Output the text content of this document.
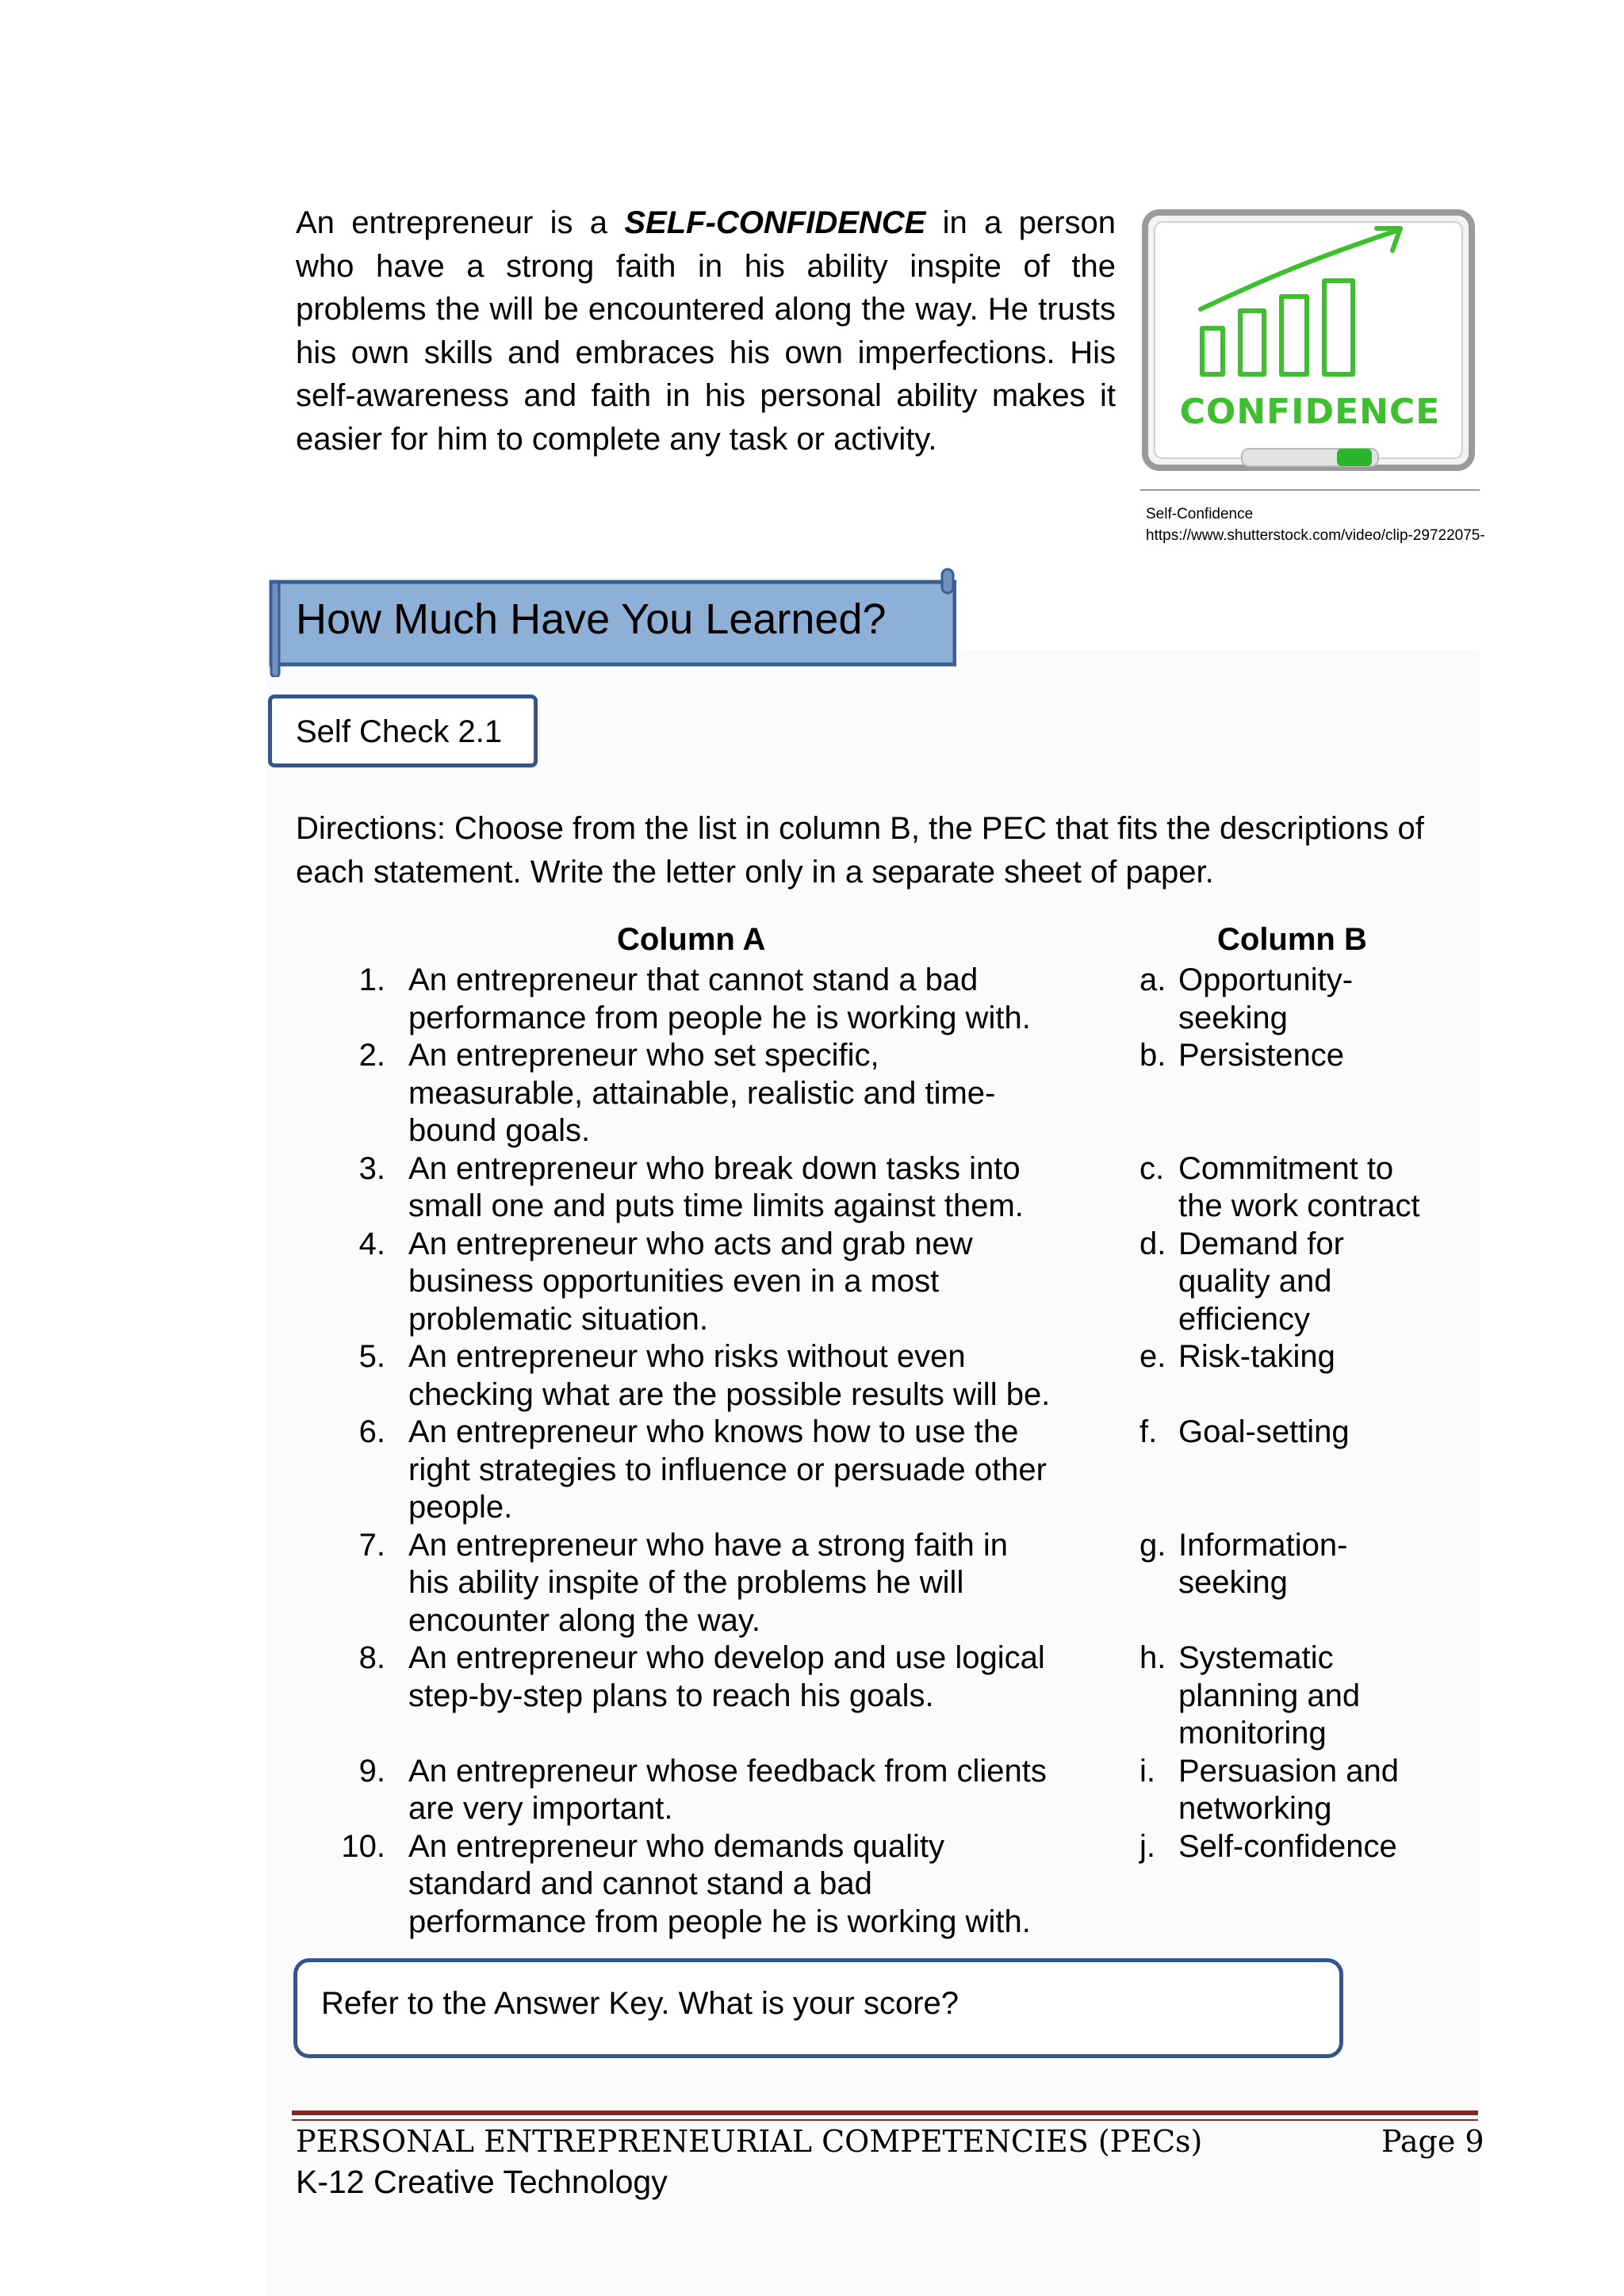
An entrepreneur is a SELF-CONFIDENCE in a person who have a strong faith in his ability inspite of the problems the will be encountered along the way. He trusts his own skills and embraces his own imperfections. His self-awareness and faith in his personal ability makes it easier for him to complete any task or activity.

CONFIDENCE
Self-Confidence
https://www.shutterstock.com/video/clip-29722075-
How Much Have You Learned?
Self Check 2.1

Directions: Choose from the list in column B, the PEC that fits the descriptions of each statement. Write the letter only in a separate sheet of paper.

Column A	Column B
1. An entrepreneur that cannot stand a bad
performance from people he is working with.
a. Opportunity-
seeking
2. An entrepreneur who set specific,
measurable, attainable, realistic and time-
bound goals.
b. Persistence
3. An entrepreneur who break down tasks into
small one and puts time limits against them.
c. Commitment to
the work contract
4. An entrepreneur who acts and grab new
business opportunities even in a most
problematic situation.
d. Demand for
quality and
efficiency
5. An entrepreneur who risks without even
checking what are the possible results will be.
e. Risk-taking
6. An entrepreneur who knows how to use the
right strategies to influence or persuade other
people.
f. Goal-setting
7. An entrepreneur who have a strong faith in
his ability inspite of the problems he will
encounter along the way.
g. Information-
seeking
8. An entrepreneur who develop and use logical
step-by-step plans to reach his goals.
h. Systematic
planning and
monitoring
9. An entrepreneur whose feedback from clients
are very important.
i. Persuasion and
networking
10. An entrepreneur who demands quality
standard and cannot stand a bad
performance from people he is working with.
j. Self-confidence
Refer to the Answer Key. What is your score?
PERSONAL ENTREPRENEURIAL COMPETENCIES (PECs)	Page 9
K-12 Creative Technology
